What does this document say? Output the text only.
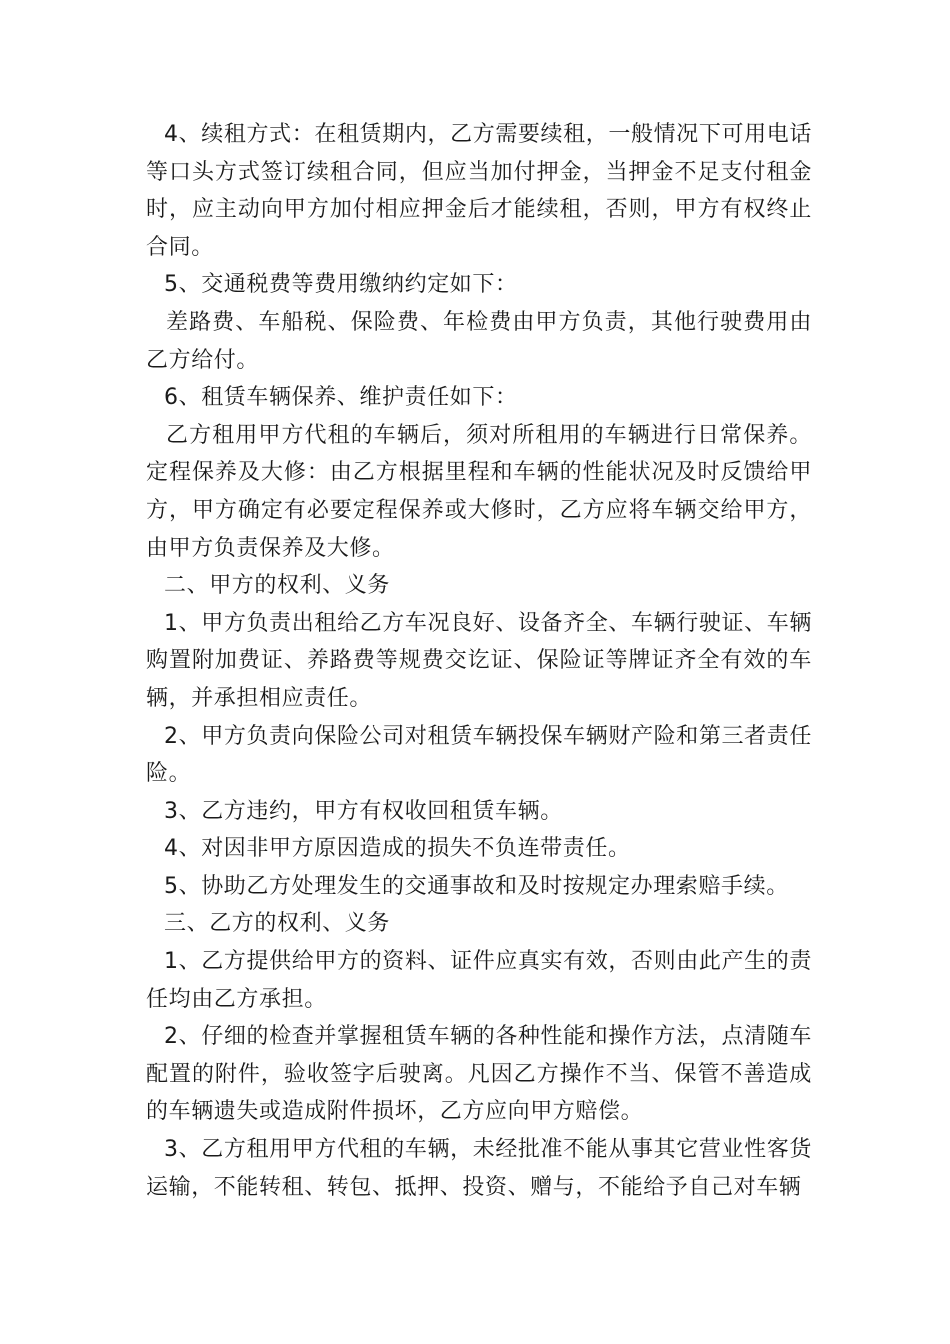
4、续租方式：在租赁期内，乙方需要续租，一般情况下可用电话等口头方式签订续租合同，但应当加付押金，当押金不足支付租金时，应主动向甲方加付相应押金后才能续租，否则，甲方有权终止合同。

5、交通税费等费用缴纳约定如下：

差路费、车船税、保险费、年检费由甲方负责，其他行驶费用由乙方给付。

6、租赁车辆保养、维护责任如下：

乙方租用甲方代租的车辆后，须对所租用的车辆进行日常保养。定程保养及大修：由乙方根据里程和车辆的性能状况及时反馈给甲方，甲方确定有必要定程保养或大修时，乙方应将车辆交给甲方，由甲方负责保养及大修。

二、甲方的权利、义务

1、甲方负责出租给乙方车况良好、设备齐全、车辆行驶证、车辆购置附加费证、养路费等规费交讫证、保险证等牌证齐全有效的车辆，并承担相应责任。

2、甲方负责向保险公司对租赁车辆投保车辆财产险和第三者责任险。

3、乙方违约，甲方有权收回租赁车辆。

4、对因非甲方原因造成的损失不负连带责任。

5、协助乙方处理发生的交通事故和及时按规定办理索赔手续。

三、乙方的权利、义务

1、乙方提供给甲方的资料、证件应真实有效，否则由此产生的责任均由乙方承担。

2、仔细的检查并掌握租赁车辆的各种性能和操作方法，点清随车配置的附件，验收签字后驶离。凡因乙方操作不当、保管不善造成的车辆遗失或造成附件损坏，乙方应向甲方赔偿。

3、乙方租用甲方代租的车辆，未经批准不能从事其它营业性客货运输，不能转租、转包、抵押、投资、赠与，不能给予自己对车辆
